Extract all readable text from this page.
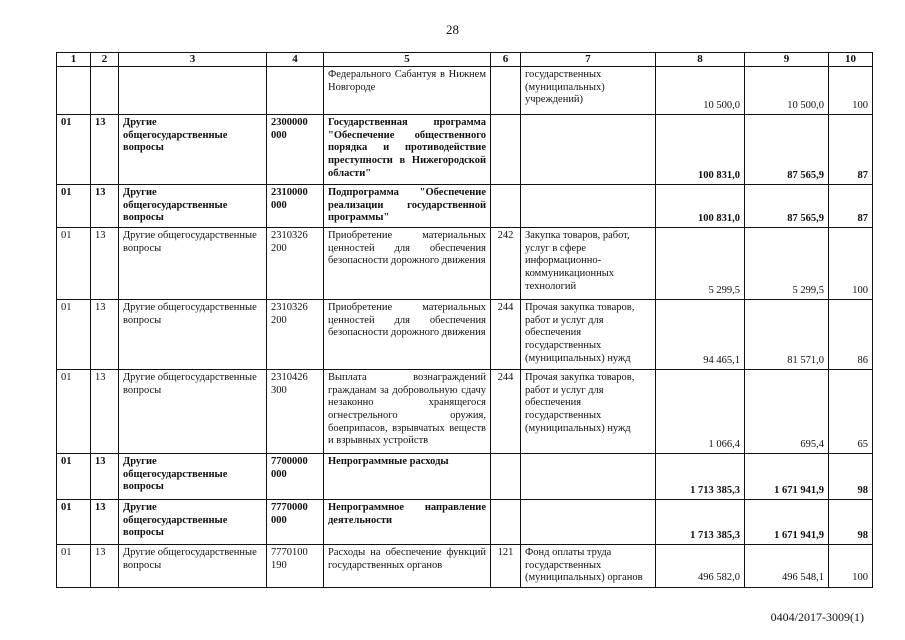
28
1	2	3	4	5	6	7	8	9	10
				Федерального Сабантуя в Нижнем Новгороде		государственных (муниципальных) учреждений)	10 500,0	10 500,0	100
01	13	Другие общегосударственные вопросы	2300000 000	Государственная программа "Обеспечение общественного порядка и противодействие преступности в Нижегородской области"			100 831,0	87 565,9	87
01	13	Другие общегосударственные вопросы	2310000 000	Подпрограмма "Обеспечение реализации государственной программы"			100 831,0	87 565,9	87
01	13	Другие общегосударственные вопросы	2310326 200	Приобретение материальных ценностей для обеспечения безопасности дорожного движения	242	Закупка товаров, работ, услуг в сфере информационно-коммуникационных технологий	5 299,5	5 299,5	100
01	13	Другие общегосударственные вопросы	2310326 200	Приобретение материальных ценностей для обеспечения безопасности дорожного движения	244	Прочая закупка товаров, работ и услуг для обеспечения государственных (муниципальных) нужд	94 465,1	81 571,0	86
01	13	Другие общегосударственные вопросы	2310426 300	Выплата вознаграждений гражданам за добровольную сдачу незаконно хранящегося огнестрельного оружия, боеприпасов, взрывчатых веществ и взрывных устройств	244	Прочая закупка товаров, работ и услуг для обеспечения государственных (муниципальных) нужд	1 066,4	695,4	65
01	13	Другие общегосударственные вопросы	7700000 000	Непрограммные расходы			1 713 385,3	1 671 941,9	98
01	13	Другие общегосударственные вопросы	7770000 000	Непрограммное направление деятельности			1 713 385,3	1 671 941,9	98
01	13	Другие общегосударственные вопросы	7770100 190	Расходы на обеспечение функций государственных органов	121	Фонд оплаты труда государственных (муниципальных) органов	496 582,0	496 548,1	100
0404/2017-3009(1)
